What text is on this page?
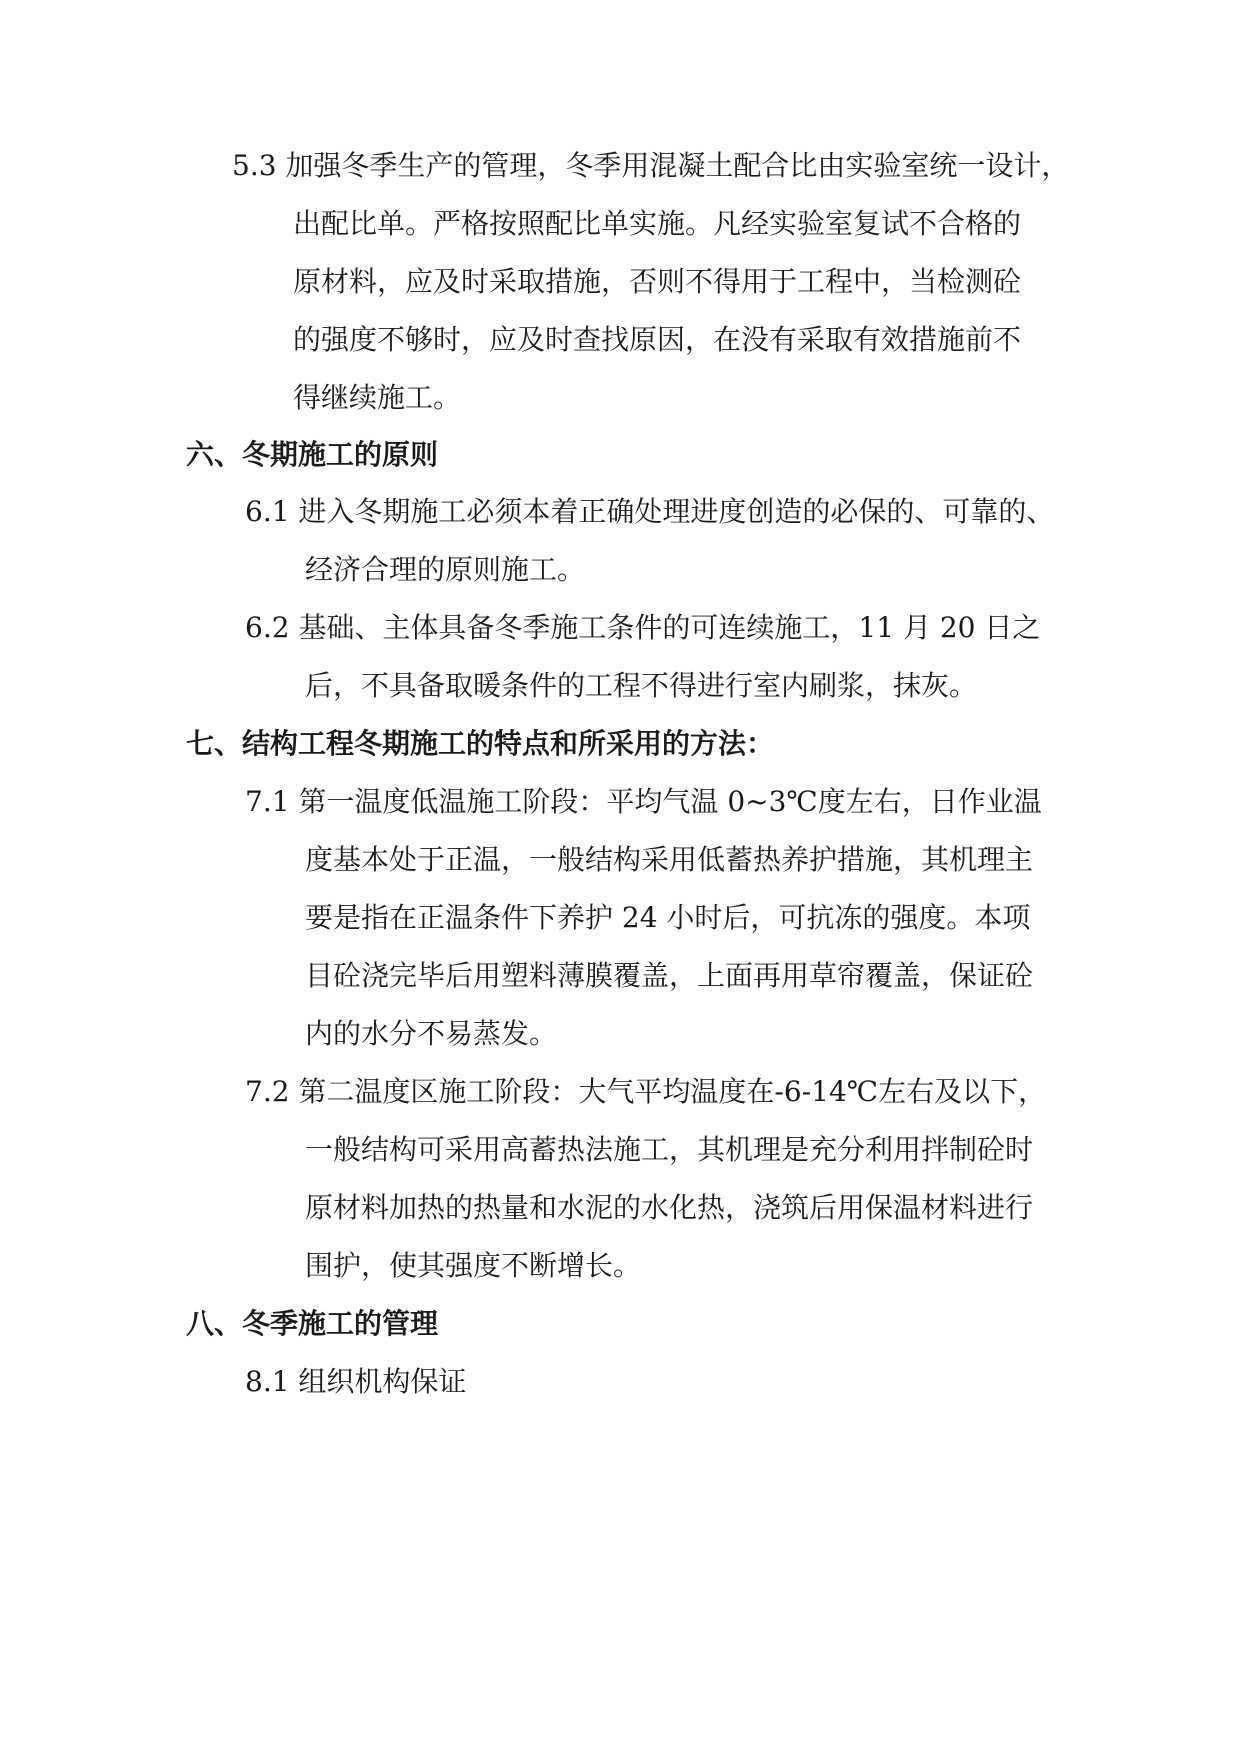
5.3 加强冬季生产的管理，冬季用混凝土配合比由实验室统一设计，
出配比单。严格按照配比单实施。凡经实验室复试不合格的
原材料，应及时采取措施，否则不得用于工程中，当检测砼
的强度不够时，应及时查找原因，在没有采取有效措施前不
得继续施工。
六、冬期施工的原则
6.1 进入冬期施工必须本着正确处理进度创造的必保的、可靠的、
经济合理的原则施工。
6.2 基础、主体具备冬季施工条件的可连续施工，11 月 20 日之
后，不具备取暖条件的工程不得进行室内刷浆，抹灰。
七、结构工程冬期施工的特点和所采用的方法：
7.1 第一温度低温施工阶段：平均气温 0~3℃度左右，日作业温
度基本处于正温，一般结构采用低蓄热养护措施，其机理主
要是指在正温条件下养护 24 小时后，可抗冻的强度。本项
目砼浇完毕后用塑料薄膜覆盖，上面再用草帘覆盖，保证砼
内的水分不易蒸发。
7.2 第二温度区施工阶段：大气平均温度在-6-14℃左右及以下，
一般结构可采用高蓄热法施工，其机理是充分利用拌制砼时
原材料加热的热量和水泥的水化热，浇筑后用保温材料进行
围护，使其强度不断增长。
八、冬季施工的管理
8.1 组织机构保证
